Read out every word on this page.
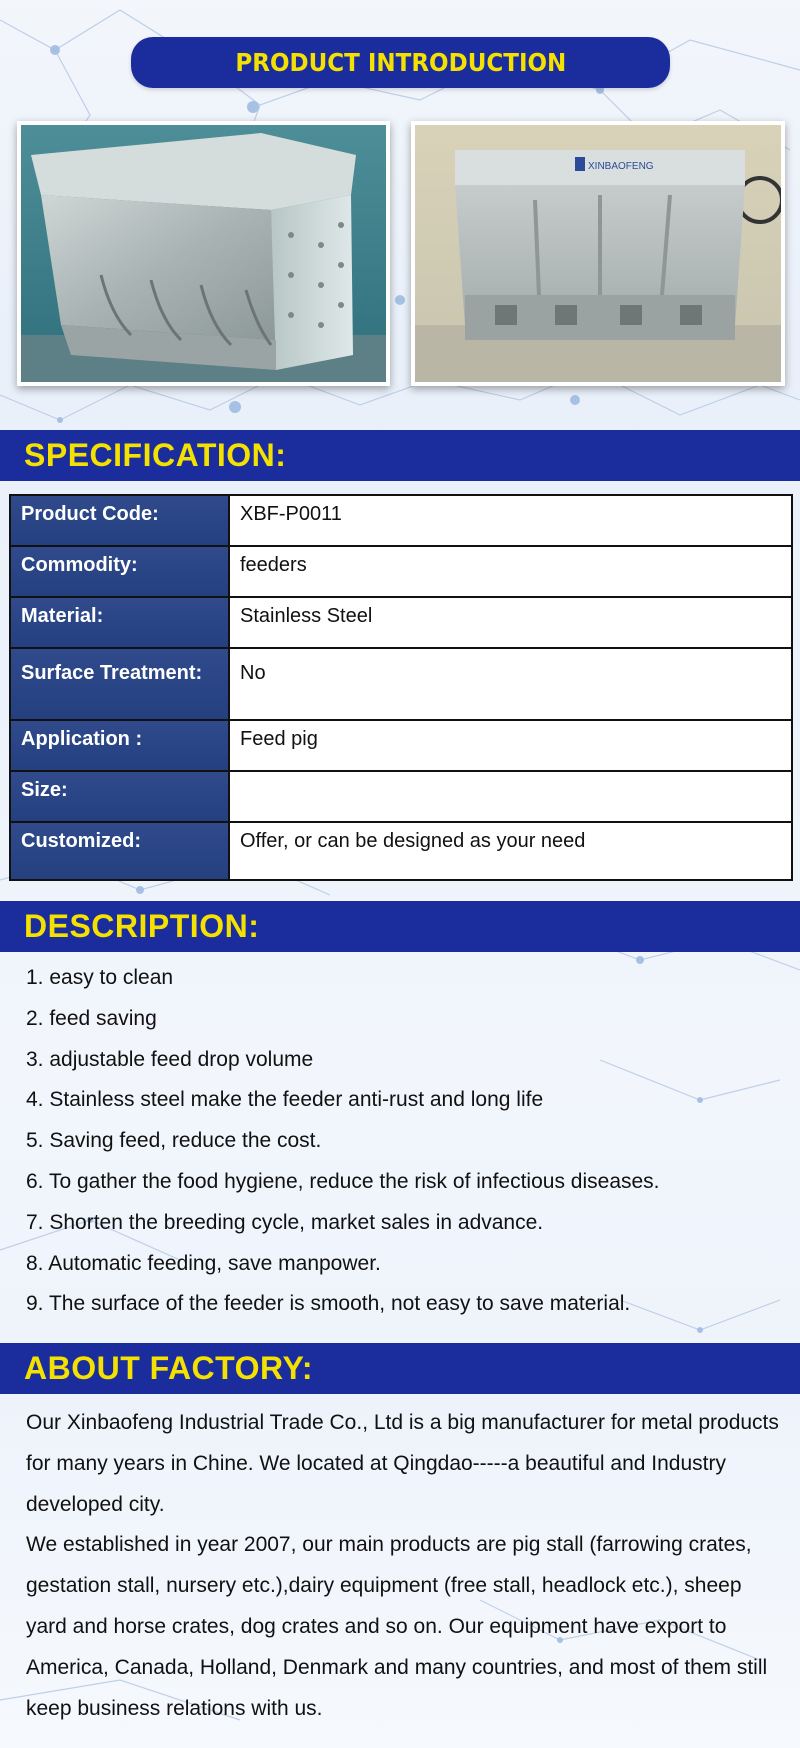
PRODUCT INTRODUCTION
XINBAOFENG
SPECIFICATION:
Product Code:	XBF-P0011
Commodity:	feeders
Material:	Stainless Steel
Surface Treatment:	No
Application :	Feed pig
Size:	
Customized:	Offer, or can be designed as your need
DESCRIPTION:
1. easy to clean
2. feed saving
3. adjustable feed drop volume
4. Stainless steel make the feeder anti-rust and long life
5. Saving feed, reduce the cost.
6. To gather the food hygiene, reduce the risk of infectious diseases.
7. Shorten the breeding cycle, market sales in advance.
8. Automatic feeding, save manpower.
9. The surface of the feeder is smooth, not easy to save material.
ABOUT FACTORY:

Our Xinbaofeng Industrial Trade Co., Ltd is a big manufacturer for metal products for many years in Chine. We located at Qingdao-----a beautiful and Industry developed city.

We established in year 2007, our main products are pig stall (farrowing crates, gestation stall, nursery etc.),dairy equipment (free stall, headlock etc.), sheep yard and horse crates, dog crates and so on. Our equipment have export to America, Canada, Holland, Denmark and many countries, and most of them still keep business relations with us.
